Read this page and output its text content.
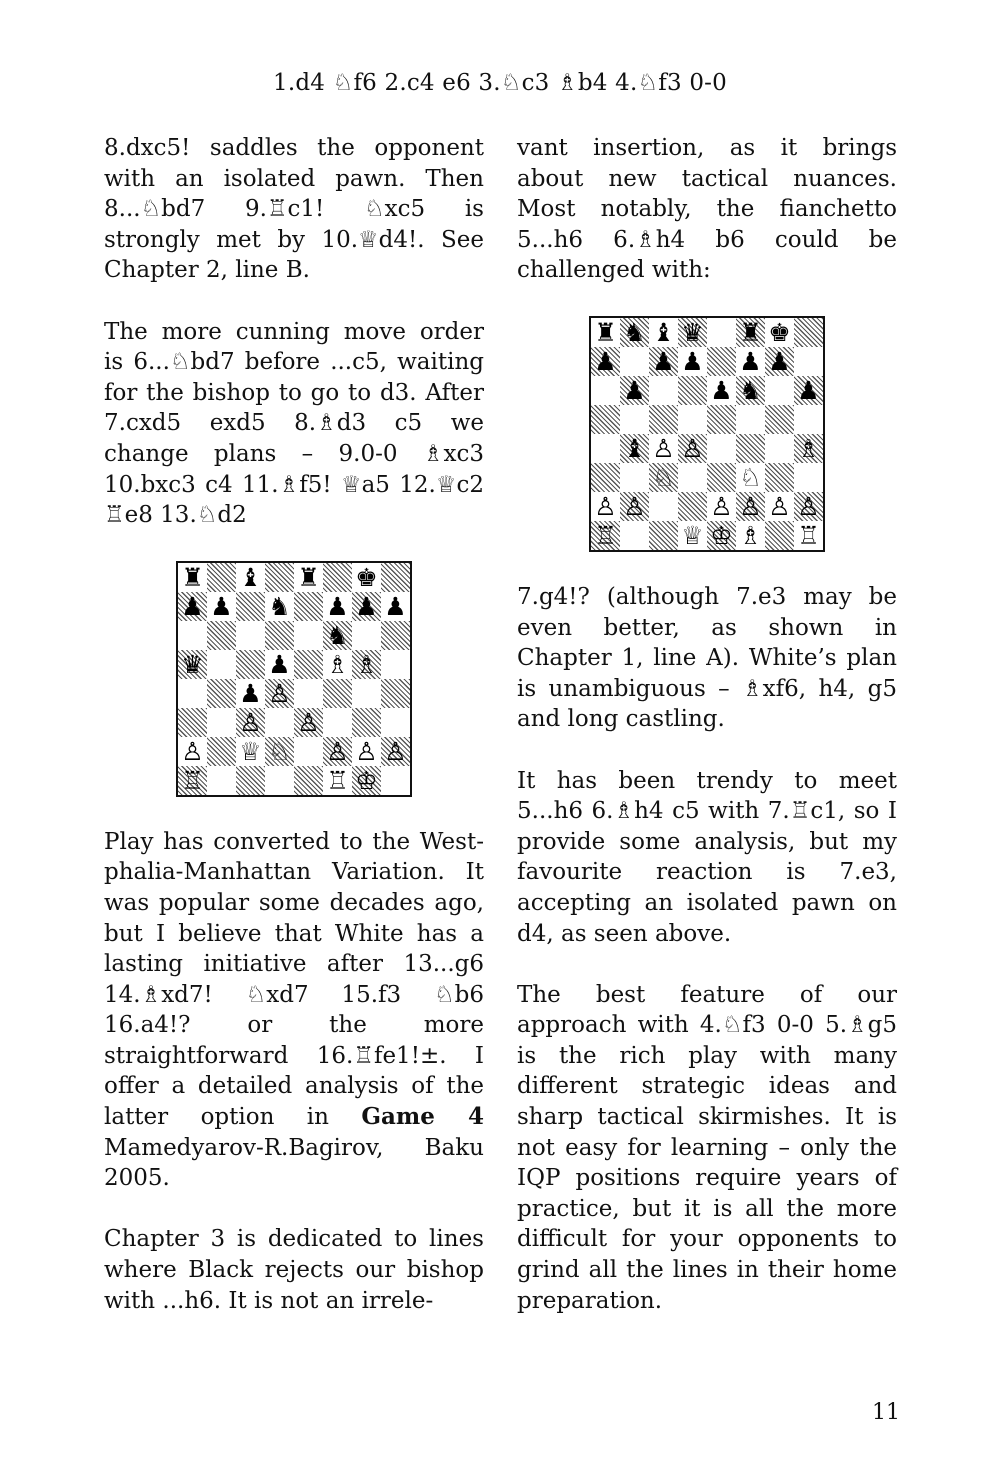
1.d4 ♘f6 2.c4 e6 3.♘c3 ♗b4 4.♘f3 0-0

8.dxc5! saddles the opponent with an isolated pawn. Then 8...♘bd7 9.♖c1! ♘xc5 is strongly met by 10.♕d4!. See Chapter 2, line B.

The more cunning move order is 6...♘bd7 before ...c5, waiting for the bishop to go to d3. After 7.cxd5 exd5 8.♗d3 c5 we change plans – 9.0-0 ♗xc3 10.bxc3 c4 11.♗f5! ♕a5 12.♕c2 ♖e8 13.♘d2

♜ ♝ ♜ ♚
♟ ♟ ♞ ♟ ♟ ♟
♞
♛	♟ ♗ ♗
♟ ♙
♙ ♙
♙ ♕ ♘ ♙ ♙ ♙
♖	♖ ♔

Play has converted to the Westphalia-Manhattan Variation. It was popular some decades ago, but I believe that White has a lasting initiative after 13...g6 14.♗xd7! ♘xd7 15.f3 ♘b6 16.a4!? or the more straightforward 16.♖fe1!±. I offer a detailed analysis of the latter option in Game 4 Mamedyarov-R.Bagirov, Baku 2005.

Chapter 3 is dedicated to lines where Black rejects our bishop with ...h6. It is not an irrele-

vant insertion, as it brings about new tactical nuances. Most notably, the fianchetto 5...h6 6.♗h4 b6 could be challenged with:

♜ ♞ ♝ ♛ ♜ ♚
♟ ♟ ♟ ♟ ♟
♟	♟ ♞ ♟
♝ ♙ ♙	♗
♘	♘
♙ ♙	♙ ♙ ♙ ♙
♖	♕ ♔ ♗ ♖

7.g4!? (although 7.e3 may be even better, as shown in Chapter 1, line A). White’s plan is unambiguous – ♗xf6, h4, g5 and long castling.

It has been trendy to meet 5...h6 6.♗h4 c5 with 7.♖c1, so I provide some analysis, but my favourite reaction is 7.e3, accepting an isolated pawn on d4, as seen above.

The best feature of our approach with 4.♘f3 0-0 5.♗g5 is the rich play with many different strategic ideas and sharp tactical skirmishes. It is not easy for learning – only the IQP positions require years of practice, but it is all the more difficult for your opponents to grind all the lines in their home preparation.

11
